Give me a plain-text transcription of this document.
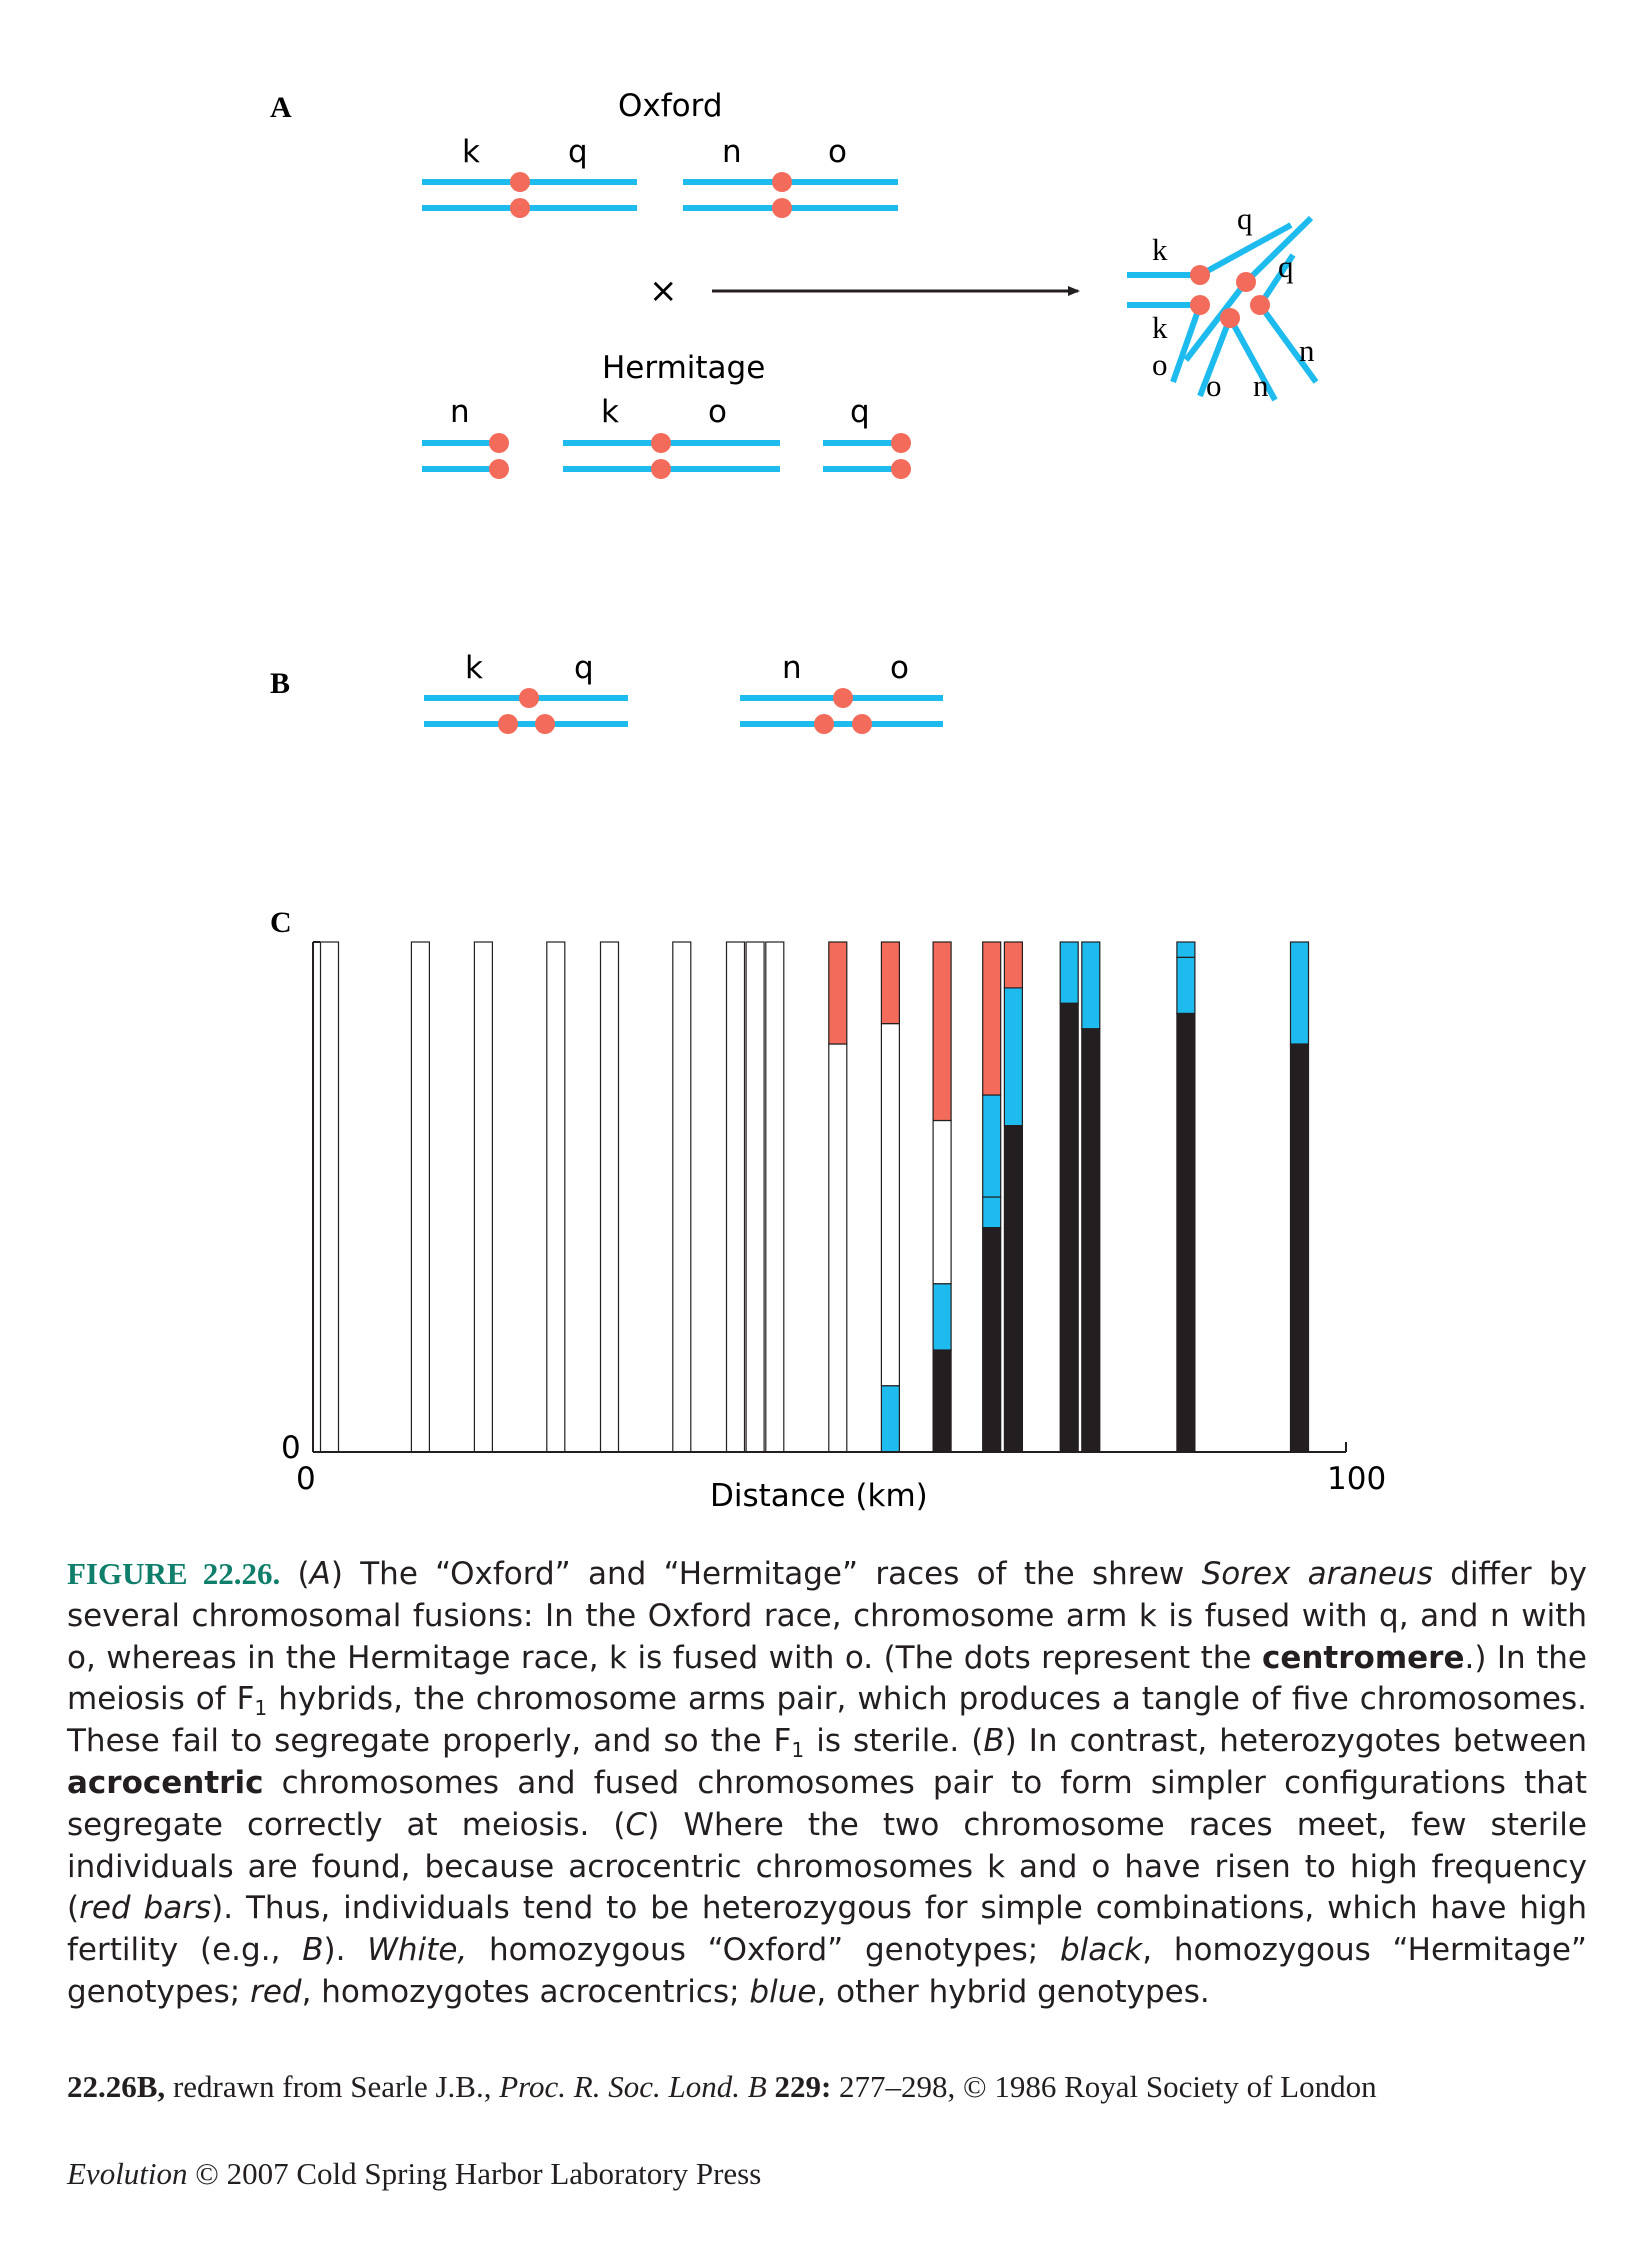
A	Oxford
k	q	n	o
×
Hermitage
n	k	o	q
q
k	q
k
n
o
o n
B	k	q	n	o
C
0
0	100
Distance (km)
FIGURE 22.26. (A) The “Oxford” and “Hermitage” races of the shrew Sorex araneus differ by several chromosomal fusions: In the Oxford race, chromosome arm k is fused with q, and n with o, whereas in the Hermitage race, k is fused with o. (The dots represent the centromere.) In the meiosis of $F_1$ hybrids, the chromosome arms pair, which produces a tangle of five chromosomes. These fail to segregate properly, and so the $F_1$ is sterile. (B) In contrast, heterozygotes between acrocentric chromosomes and fused chromosomes pair to form simpler configurations that segregate correctly at meiosis. (C) Where the two chromosome races meet, few sterile individuals are found, because acrocentric chromosomes k and o have risen to high frequency (red bars). Thus, individuals tend to be heterozygous for simple combinations, which have high fertility (e.g., B). White, homozygous “Oxford” genotypes; black, homozygous “Hermitage” genotypes; red, homozygotes acrocentrics; blue, other hybrid genotypes.
22.26B, redrawn from Searle J.B., Proc. R. Soc. Lond. B 229: 277–298, © 1986 Royal Society of London
Evolution © 2007 Cold Spring Harbor Laboratory Press
